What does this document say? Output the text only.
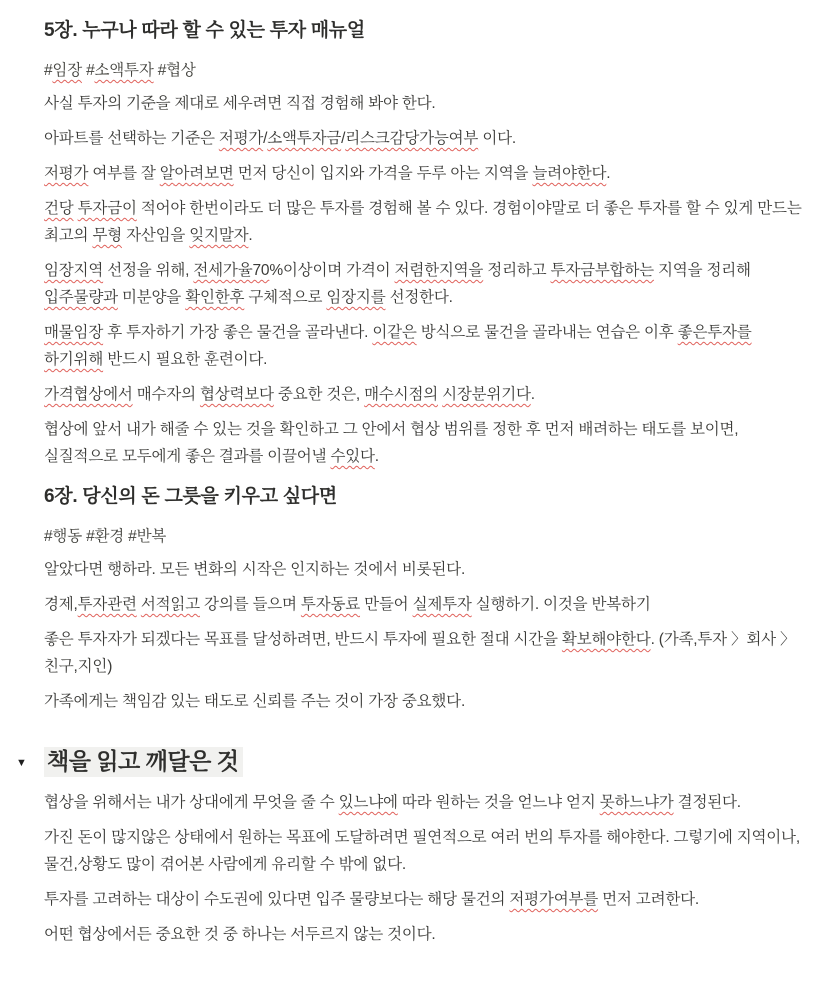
5장. 누구나 따라 할 수 있는 투자 매뉴얼

#임장 #소액투자 #협상

사실 투자의 기준을 제대로 세우려면 직접 경험해 봐야 한다.

아파트를 선택하는 기준은 저평가/소액투자금/리스크감당가능여부 이다.

저평가 여부를 잘 알아려보면 먼저 당신이 입지와 가격을 두루 아는 지역을 늘려야한다.

건당 투자금이 적어야 한번이라도 더 많은 투자를 경험해 볼 수 있다. 경험이야말로 더 좋은 투자를 할 수 있게 만드는 최고의 무형 자산임을 잊지말자.

임장지역 선정을 위해, 전세가율70%이상이며 가격이 저렴한지역을 정리하고 투자금부합하는 지역을 정리해 입주물량과 미분양을 확인한후 구체적으로 임장지를 선정한다.

매물임장 후 투자하기 가장 좋은 물건을 골라낸다. 이같은 방식으로 물건을 골라내는 연습은 이후 좋은투자를 하기위해 반드시 필요한 훈련이다.

가격협상에서 매수자의 협상력보다 중요한 것은, 매수시점의 시장분위기다.

협상에 앞서 내가 해줄 수 있는 것을 확인하고 그 안에서 협상 범위를 정한 후 먼저 배려하는 태도를 보이면, 실질적으로 모두에게 좋은 결과를 이끌어낼 수있다.

6장. 당신의 돈 그릇을 키우고 싶다면

#행동 #환경 #반복

알았다면 행하라. 모든 변화의 시작은 인지하는 것에서 비롯된다.

경제,투자관련 서적읽고 강의를 들으며 투자동료 만들어 실제투자 실행하기. 이것을 반복하기

좋은 투자자가 되겠다는 목표를 달성하려면, 반드시 투자에 필요한 절대 시간을 확보해야한다. (가족,투자 〉회사 〉친구,지인)

가족에게는 책임감 있는 태도로 신뢰를 주는 것이 가장 중요했다.

▼ 책을 읽고 깨달은 것

협상을 위해서는 내가 상대에게 무엇을 줄 수 있느냐에 따라 원하는 것을 얻느냐 얻지 못하느냐가 결정된다.

가진 돈이 많지않은 상태에서 원하는 목표에 도달하려면 필연적으로 여러 번의 투자를 해야한다. 그렇기에 지역이나, 물건,상황도 많이 겪어본 사람에게 유리할 수 밖에 없다.

투자를 고려하는 대상이 수도권에 있다면 입주 물량보다는 해당 물건의 저평가여부를 먼저 고려한다.

어떤 협상에서든 중요한 것 중 하나는 서두르지 않는 것이다.
